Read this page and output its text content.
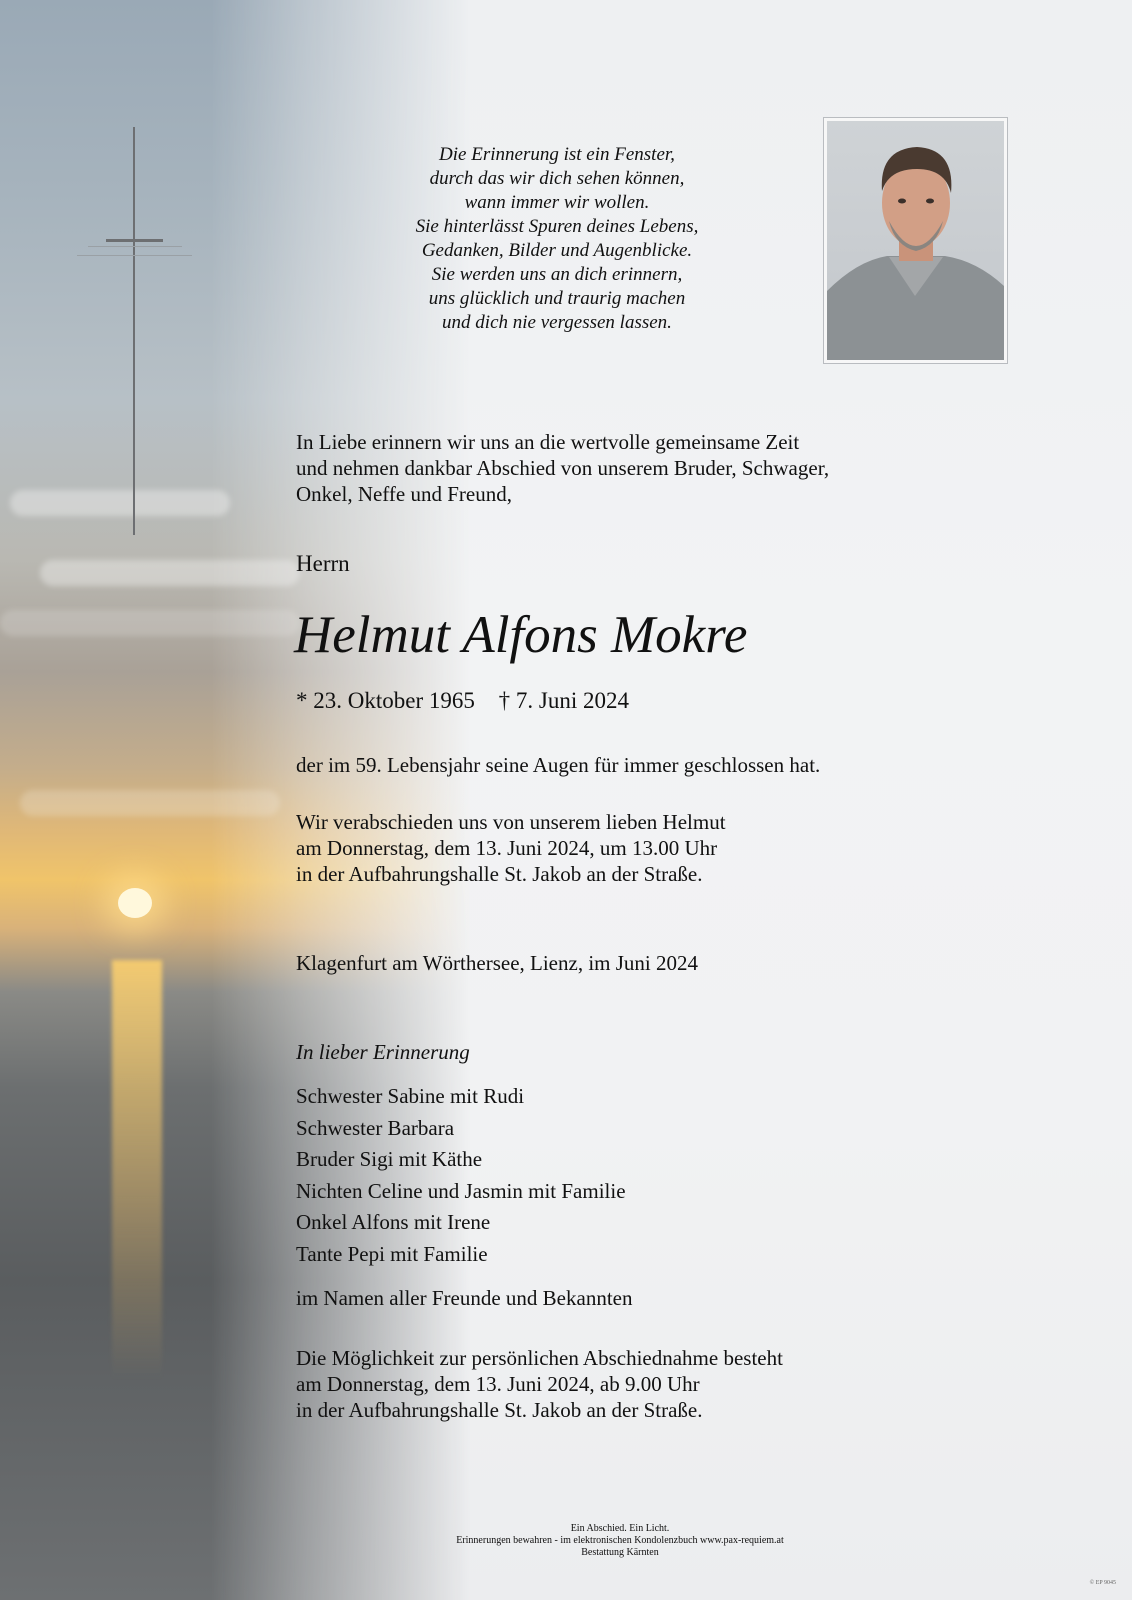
Die Erinnerung ist ein Fenster,
durch das wir dich sehen können,
wann immer wir wollen.
Sie hinterlässt Spuren deines Lebens,
Gedanken, Bilder und Augenblicke.
Sie werden uns an dich erinnern,
uns glücklich und traurig machen
und dich nie vergessen lassen.
In Liebe erinnern wir uns an die wertvolle gemeinsame Zeit
und nehmen dankbar Abschied von unserem Bruder, Schwager,
Onkel, Neffe und Freund,
Herrn
Helmut Alfons Mokre
* 23. Oktober 1965 † 7. Juni 2024
der im 59. Lebensjahr seine Augen für immer geschlossen hat.
Wir verabschieden uns von unserem lieben Helmut
am Donnerstag, dem 13. Juni 2024, um 13.00 Uhr
in der Aufbahrungshalle St. Jakob an der Straße.
Klagenfurt am Wörthersee, Lienz, im Juni 2024
In lieber Erinnerung
Schwester Sabine mit Rudi
Schwester Barbara
Bruder Sigi mit Käthe
Nichten Celine und Jasmin mit Familie
Onkel Alfons mit Irene
Tante Pepi mit Familie
im Namen aller Freunde und Bekannten
Die Möglichkeit zur persönlichen Abschiednahme besteht
am Donnerstag, dem 13. Juni 2024, ab 9.00 Uhr
in der Aufbahrungshalle St. Jakob an der Straße.
Ein Abschied. Ein Licht.
Erinnerungen bewahren - im elektronischen Kondolenzbuch www.pax-requiem.at
Bestattung Kärnten
© EP 9045
